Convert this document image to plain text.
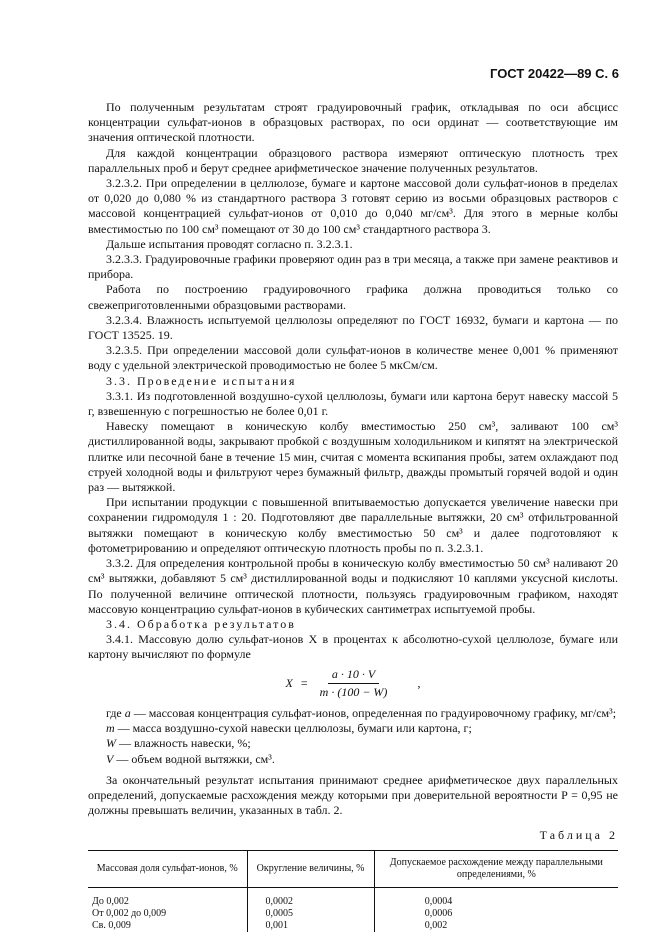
ГОСТ 20422—89 С. 6

По полученным результатам строят градуировочный график, откладывая по оси абсцисс концентрации сульфат-ионов в образцовых растворах, по оси ординат — соответствующие им значения оптической плотности.

Для каждой концентрации образцового раствора измеряют оптическую плотность трех параллельных проб и берут среднее арифметическое значение полученных результатов.

3.2.3.2. При определении в целлюлозе, бумаге и картоне массовой доли сульфат-ионов в пределах от 0,020 до 0,080 % из стандартного раствора 3 готовят серию из восьми образцовых растворов с массовой концентрацией сульфат-ионов от 0,010 до 0,040 мг/см³. Для этого в мерные колбы вместимостью по 100 см³ помещают от 30 до 100 см³ стандартного раствора 3.

Дальше испытания проводят согласно п. 3.2.3.1.

3.2.3.3. Градуировочные графики проверяют один раз в три месяца, а также при замене реактивов и прибора.

Работа по построению градуировочного графика должна проводиться только со свежеприготовленными образцовыми растворами.

3.2.3.4. Влажность испытуемой целлюлозы определяют по ГОСТ 16932, бумаги и картона — по ГОСТ 13525. 19.

3.2.3.5. При определении массовой доли сульфат-ионов в количестве менее 0,001 % применяют воду с удельной электрической проводимостью не более 5 мкСм/см.

3.3. Проведение испытания

3.3.1. Из подготовленной воздушно-сухой целлюлозы, бумаги или картона берут навеску массой 5 г, взвешенную с погрешностью не более 0,01 г.

Навеску помещают в коническую колбу вместимостью 250 см³, заливают 100 см³ дистиллированной воды, закрывают пробкой с воздушным холодильником и кипятят на электрической плитке или песочной бане в течение 15 мин, считая с момента вскипания пробы, затем охлаждают под струей холодной воды и фильтруют через бумажный фильтр, дважды промытый горячей водой и один раз — вытяжкой.

При испытании продукции с повышенной впитываемостью допускается увеличение навески при сохранении гидромодуля 1 : 20. Подготовляют две параллельные вытяжки, 20 см³ отфильтрованной вытяжки помещают в коническую колбу вместимостью 50 см³ и далее подготовляют к фотометрированию и определяют оптическую плотность пробы по п. 3.2.3.1.

3.3.2. Для определения контрольной пробы в коническую колбу вместимостью 50 см³ наливают 20 см³ вытяжки, добавляют 5 см³ дистиллированной воды и подкисляют 10 каплями уксусной кислоты. По полученной величине оптической плотности, пользуясь градуировочным графиком, находят массовую концентрацию сульфат-ионов в кубических сантиметрах испытуемой пробы.

3.4. Обработка результатов

3.4.1. Массовую долю сульфат-ионов X в процентах к абсолютно-сухой целлюлозе, бумаге или картону вычисляют по формуле

$X = \frac{a \cdot 10 \cdot V}{m \cdot (100 - W)}$ ,

где a — массовая концентрация сульфат-ионов, определенная по градуировочному графику, мг/см³;

m — масса воздушно-сухой навески целлюлозы, бумаги или картона, г;

W — влажность навески, %;

V — объем водной вытяжки, см³.

За окончательный результат испытания принимают среднее арифметическое двух параллельных определений, допускаемые расхождения между которыми при доверительной вероятности P = 0,95 не должны превышать величин, указанных в табл. 2.

Таблица 2
Массовая доля сульфат-ионов, %	Округление величины, %	Допускаемое расхождение между параллельными определениями, %
До 0,002	0,0002	0,0004
От 0,002 до 0,009	0,0005	0,0006
Св. 0,009	0,001	0,002
